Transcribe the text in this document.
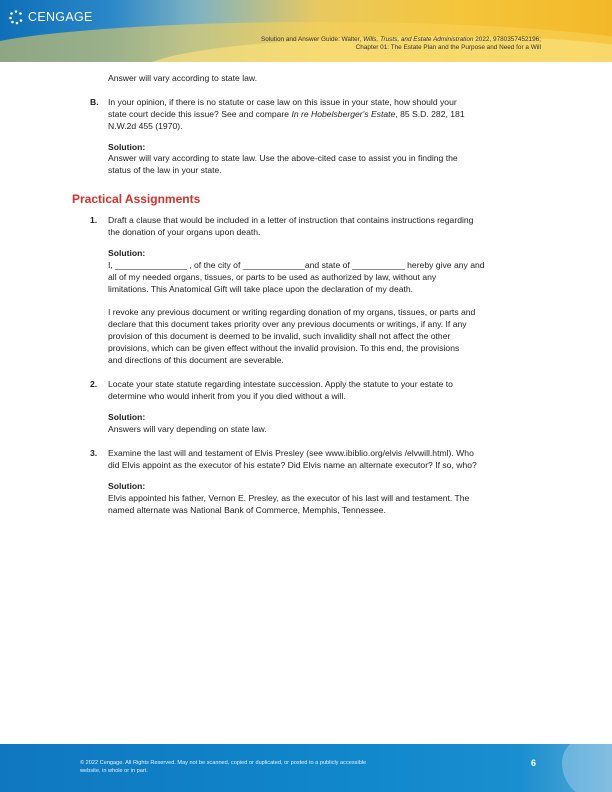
CENGAGE
Solution and Answer Guide: Walter, Wills, Trusts, and Estate Administration 2022, 9780357452196;
Chapter 01: The Estate Plan and the Purpose and Need for a Will
Answer will vary according to state law.
B. In your opinion, if there is no statute or case law on this issue in your state, how should your
state court decide this issue? See and compare In re Hobelsberger's Estate, 85 S.D. 282, 181
N.W.2d 455 (1970).
Solution:
Answer will vary according to state law. Use the above-cited case to assist you in finding the
status of the law in your state.
Practical Assignments
1. Draft a clause that would be included in a letter of instruction that contains instructions regarding
the donation of your organs upon death.
Solution:
I, _______________ , of the city of _____________and state of ___________ hereby give any and
all of my needed organs, tissues, or parts to be used as authorized by law, without any
limitations. This Anatomical Gift will take place upon the declaration of my death.
I revoke any previous document or writing regarding donation of my organs, tissues, or parts and
declare that this document takes priority over any previous documents or writings, if any. If any
provision of this document is deemed to be invalid, such invalidity shall not affect the other
provisions, which can be given effect without the invalid provision. To this end, the provisions
and directions of this document are severable.
2. Locate your state statute regarding intestate succession. Apply the statute to your estate to
determine who would inherit from you if you died without a will.
Solution:
Answers will vary depending on state law.
3. Examine the last will and testament of Elvis Presley (see www.ibiblio.org/elvis /elvwill.html). Who
did Elvis appoint as the executor of his estate? Did Elvis name an alternate executor? If so, who?
Solution:
Elvis appointed his father, Vernon E. Presley, as the executor of his last will and testament. The
named alternate was National Bank of Commerce, Memphis, Tennessee.
© 2022 Cengage. All Rights Reserved. May not be scanned, copied or duplicated, or posted to a publicly accessible
website, in whole or in part.
6
